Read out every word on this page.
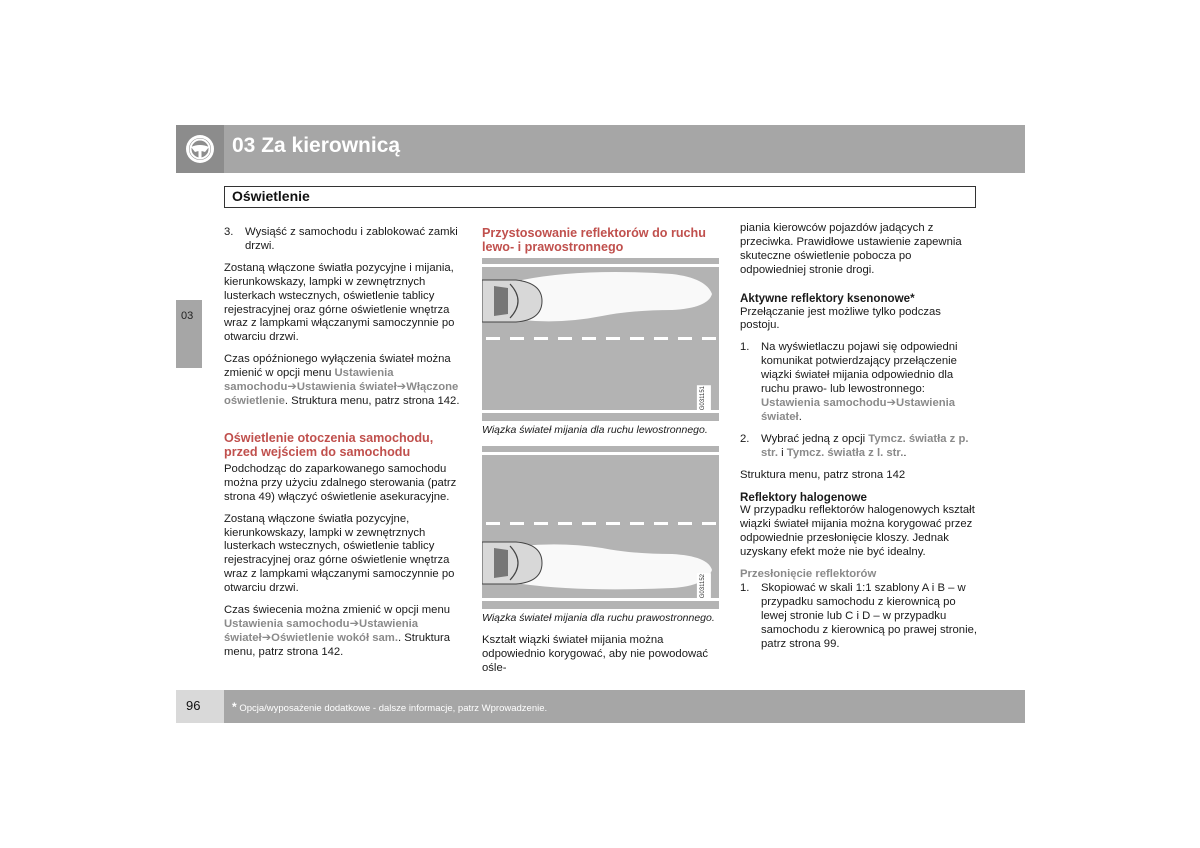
03 Za kierownicą
Oświetlenie
03
3.	Wysiąść z samochodu i zablokować zamki drzwi.

Zostaną włączone światła pozycyjne i mijania, kierunkowskazy, lampki w zewnętrznych lusterkach wstecznych, oświetlenie tablicy rejestracyjnej oraz górne oświetlenie wnętrza wraz z lampkami włączanymi samoczynnie po otwarciu drzwi.

Czas opóźnionego wyłączenia świateł można zmienić w opcji menu Ustawienia samochodu➔Ustawienia świateł➔Włączone oświetlenie. Struktura menu, patrz strona 142.

Oświetlenie otoczenia samochodu, przed wejściem do samochodu

Podchodząc do zaparkowanego samochodu można przy użyciu zdalnego sterowania (patrz strona 49) włączyć oświetlenie asekuracyjne.

Zostaną włączone światła pozycyjne, kierunkowskazy, lampki w zewnętrznych lusterkach wstecznych, oświetlenie tablicy rejestracyjnej oraz górne oświetlenie wnętrza wraz z lampkami włączanymi samoczynnie po otwarciu drzwi.

Czas świecenia można zmienić w opcji menu Ustawienia samochodu➔Ustawienia świateł➔Oświetlenie wokół sam.. Struktura menu, patrz strona 142.

Przystosowanie reflektorów do ruchu lewo- i prawostronnego
G031151
Wiązka świateł mijania dla ruchu lewostronnego.
G031152
Wiązka świateł mijania dla ruchu prawostronnego.

Kształt wiązki świateł mijania można odpowiednio korygować, aby nie powodować ośle-

piania kierowców pojazdów jadących z przeciwka. Prawidłowe ustawienie zapewnia skuteczne oświetlenie pobocza po odpowiedniej stronie drogi.

Aktywne reflektory ksenonowe*

Przełączanie jest możliwe tylko podczas postoju.

1.	Na wyświetlaczu pojawi się odpowiedni komunikat potwierdzający przełączenie wiązki świateł mijania odpowiednio dla ruchu prawo- lub lewostronnego: Ustawienia samochodu➔Ustawienia świateł.
2.	Wybrać jedną z opcji Tymcz. światła z p. str. i Tymcz. światła z l. str..

Struktura menu, patrz strona 142

Reflektory halogenowe

W przypadku reflektorów halogenowych kształt wiązki świateł mijania można korygować przez odpowiednie przesłonięcie kloszy. Jednak uzyskany efekt może nie być idealny.

Przesłonięcie reflektorów
1.	Skopiować w skali 1:1 szablony A i B – w przypadku samochodu z kierownicą po lewej stronie lub C i D – w przypadku samochodu z kierownicą po prawej stronie, patrz strona 99.
96	* Opcja/wyposażenie dodatkowe - dalsze informacje, patrz Wprowadzenie.
